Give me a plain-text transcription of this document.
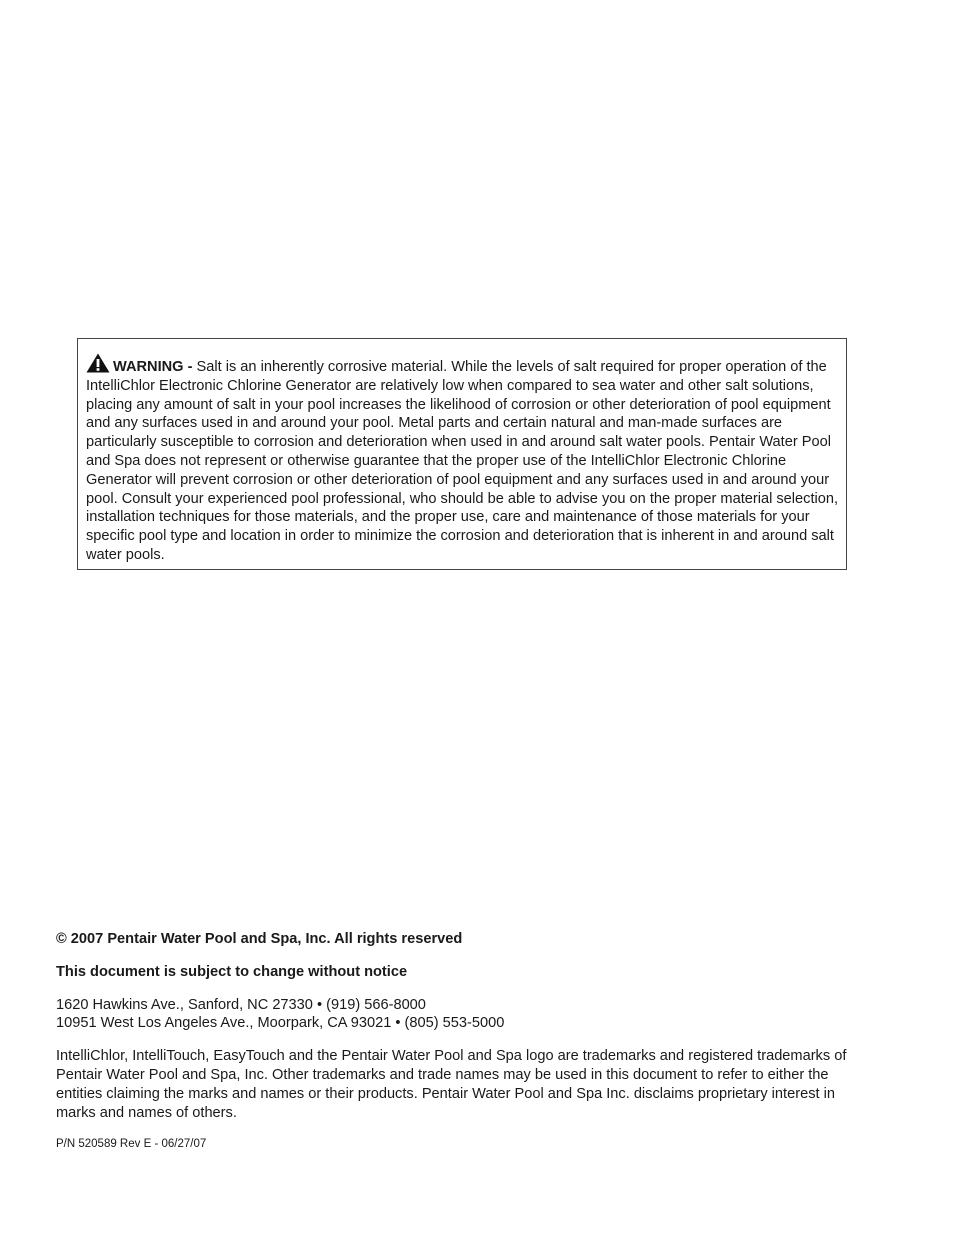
WARNING - Salt is an inherently corrosive material. While the levels of salt required for proper operation of the IntelliChlor Electronic Chlorine Generator are relatively low when compared to sea water and other salt solutions, placing any amount of salt in your pool increases the likelihood of corrosion or other deterioration of pool equipment and any surfaces used in and around your pool. Metal parts and certain natural and man-made surfaces are particularly susceptible to corrosion and deterioration when used in and around salt water pools. Pentair Water Pool and Spa does not represent or otherwise guarantee that the proper use of the IntelliChlor Electronic Chlorine Generator will prevent corrosion or other deterioration of pool equipment and any surfaces used in and around your pool. Consult your experienced pool professional, who should be able to advise you on the proper material selection, installation techniques for those materials, and the proper use, care and maintenance of those materials for your specific pool type and location in order to minimize the corrosion and deterioration that is inherent in and around salt water pools.

© 2007 Pentair Water Pool and Spa, Inc. All rights reserved

This document is subject to change without notice

1620 Hawkins Ave., Sanford, NC 27330 • (919) 566-8000

10951 West Los Angeles Ave., Moorpark, CA 93021 • (805) 553-5000

IntelliChlor, IntelliTouch, EasyTouch and the Pentair Water Pool and Spa logo are trademarks and registered trademarks of Pentair Water Pool and Spa, Inc. Other trademarks and trade names may be used in this document to refer to either the entities claiming the marks and names or their products. Pentair Water Pool and Spa Inc. disclaims proprietary interest in marks and names of others.

P/N 520589 Rev E - 06/27/07
